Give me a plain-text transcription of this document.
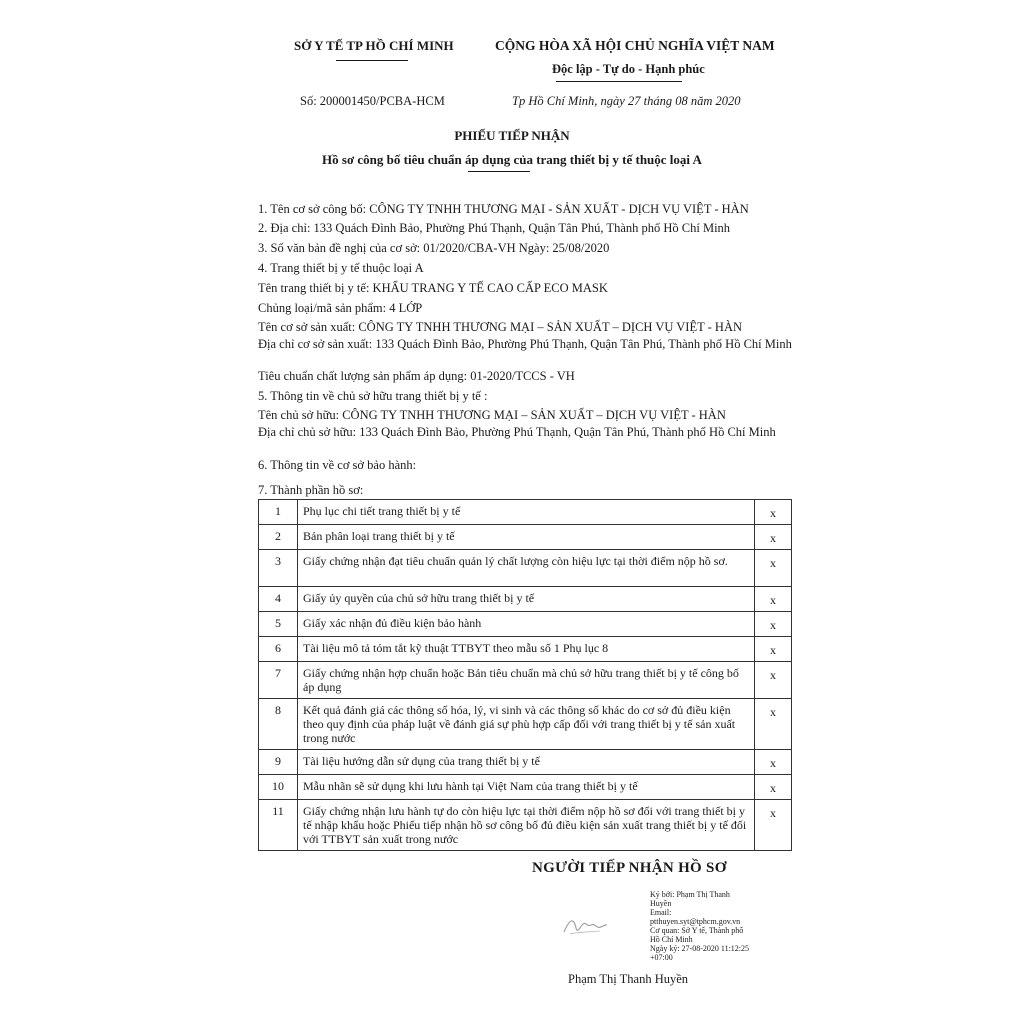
SỞ Y TẾ TP HỒ CHÍ MINH	CỘNG HÒA XÃ HỘI CHỦ NGHĨA VIỆT NAM
Độc lập - Tự do - Hạnh phúc
Số: 200001450/PCBA-HCM	Tp Hồ Chí Minh, ngày 27 tháng 08 năm 2020
PHIẾU TIẾP NHẬN
Hồ sơ công bố tiêu chuẩn áp dụng của trang thiết bị y tế thuộc loại A
1. Tên cơ sở công bố: CÔNG TY TNHH THƯƠNG MẠI - SẢN XUẤT - DỊCH VỤ VIỆT - HÀN
2. Địa chỉ: 133 Quách Đình Bảo, Phường Phú Thạnh, Quận Tân Phú, Thành phố Hồ Chí Minh
3. Số văn bản đề nghị của cơ sở: 01/2020/CBA-VH Ngày: 25/08/2020
4. Trang thiết bị y tế thuộc loại A
Tên trang thiết bị y tế: KHẨU TRANG Y TẾ CAO CẤP ECO MASK
Chủng loại/mã sản phẩm: 4 LỚP
Tên cơ sở sản xuất: CÔNG TY TNHH THƯƠNG MẠI – SẢN XUẤT – DỊCH VỤ VIỆT - HÀN
Địa chỉ cơ sở sản xuất: 133 Quách Đình Bảo, Phường Phú Thạnh, Quận Tân Phú, Thành phố Hồ Chí Minh
Tiêu chuẩn chất lượng sản phẩm áp dụng: 01-2020/TCCS - VH
5. Thông tin về chủ sở hữu trang thiết bị y tế :
Tên chủ sở hữu: CÔNG TY TNHH THƯƠNG MẠI – SẢN XUẤT – DỊCH VỤ VIỆT - HÀN
Địa chỉ chủ sở hữu: 133 Quách Đình Bảo, Phường Phú Thạnh, Quận Tân Phú, Thành phố Hồ Chí Minh
6. Thông tin về cơ sở bảo hành:
7. Thành phần hồ sơ:
1	Phụ lục chi tiết trang thiết bị y tế	x
2	Bản phân loại trang thiết bị y tế	x
3	Giấy chứng nhận đạt tiêu chuẩn quản lý chất lượng còn hiệu lực tại thời điểm nộp hồ sơ.	x
4	Giấy ủy quyền của chủ sở hữu trang thiết bị y tế	x
5	Giấy xác nhận đủ điều kiện bảo hành	x
6	Tài liệu mô tả tóm tắt kỹ thuật TTBYT theo mẫu số 1 Phụ lục 8	x
7	Giấy chứng nhận hợp chuẩn hoặc Bản tiêu chuẩn mà chủ sở hữu trang thiết bị y tế công bố áp dụng	x
8	Kết quả đánh giá các thông số hóa, lý, vi sinh và các thông số khác do cơ sở đủ điều kiện theo quy định của pháp luật về đánh giá sự phù hợp cấp đối với trang thiết bị y tế sản xuất trong nước	x
9	Tài liệu hướng dẫn sử dụng của trang thiết bị y tế	x
10	Mẫu nhãn sẽ sử dụng khi lưu hành tại Việt Nam của trang thiết bị y tế	x
11	Giấy chứng nhận lưu hành tự do còn hiệu lực tại thời điểm nộp hồ sơ đối với trang thiết bị y tế nhập khẩu hoặc Phiếu tiếp nhận hồ sơ công bố đủ điều kiện sản xuất trang thiết bị y tế đối với TTBYT sản xuất trong nước	x
NGƯỜI TIẾP NHẬN HỒ SƠ
Ký bởi: Phạm Thị Thanh Huyền
Email: ptthuyen.syt@tphcm.gov.vn
Cơ quan: Sở Y tế, Thành phố Hồ Chí Minh
Ngày ký: 27-08-2020 11:12:25 +07:00
Phạm Thị Thanh Huyền
